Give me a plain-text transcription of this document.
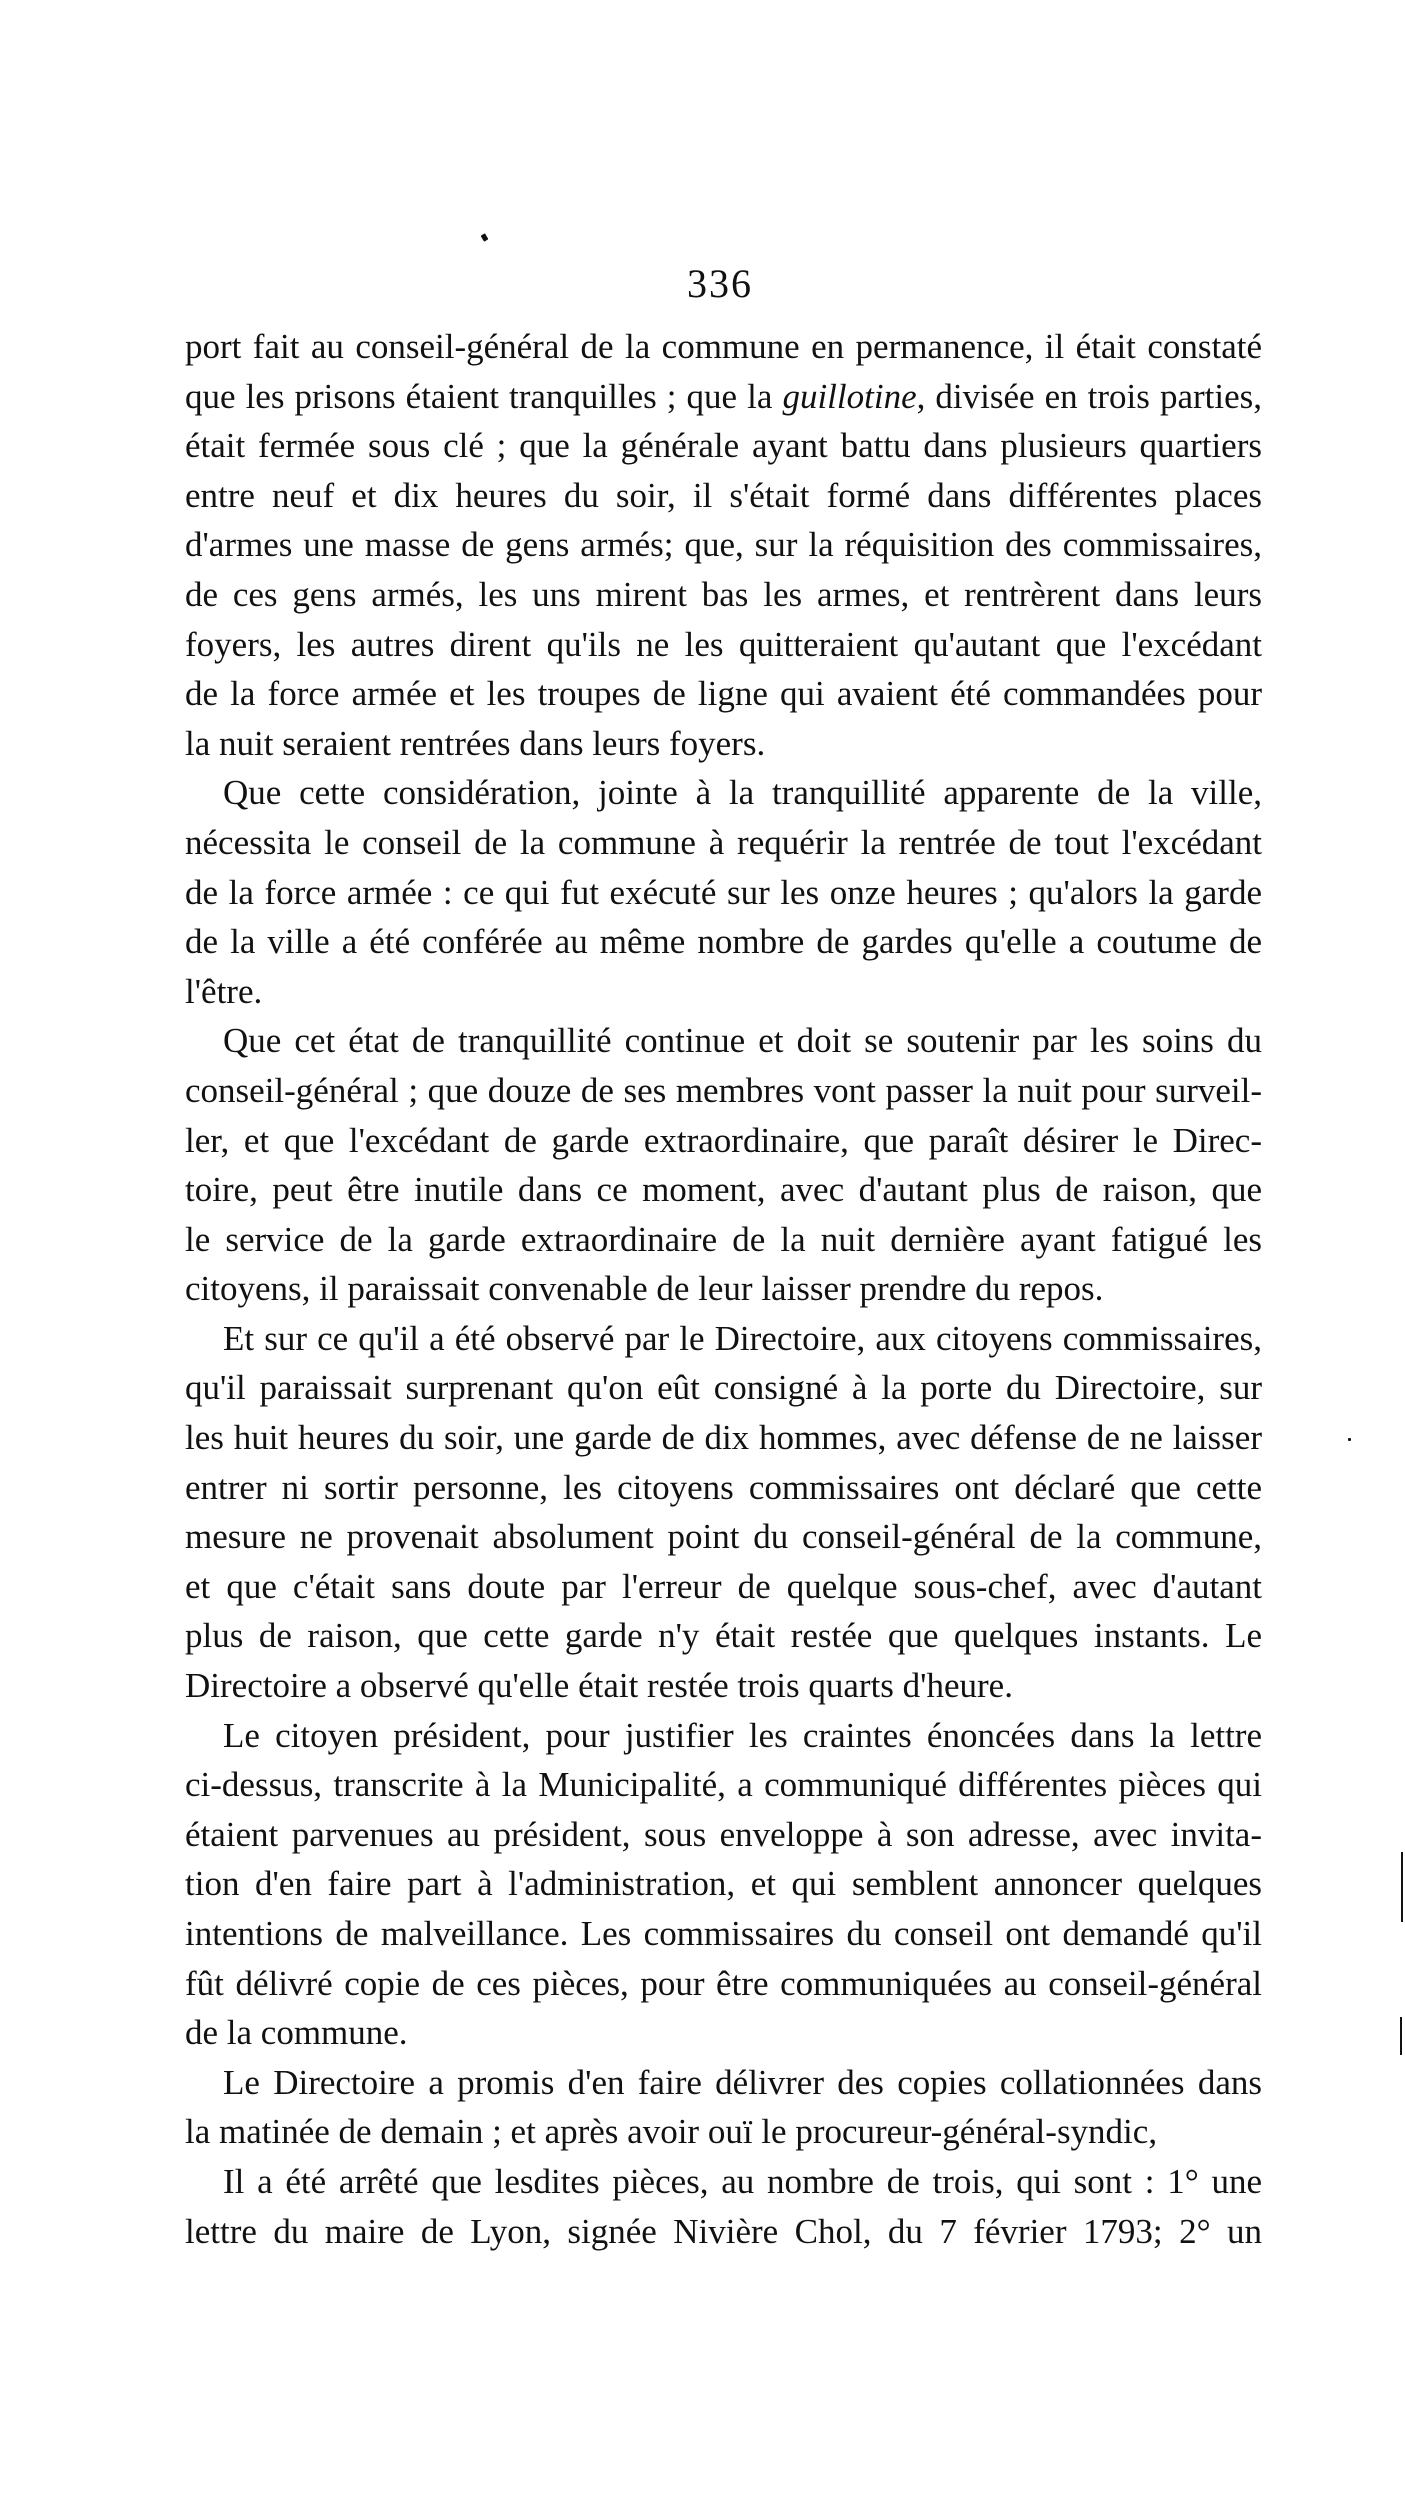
336
port fait au conseil-général de la commune en permanence, il était constaté
que les prisons étaient tranquilles ; que la guillotine, divisée en trois parties,
était fermée sous clé ; que la générale ayant battu dans plusieurs quartiers
entre neuf et dix heures du soir, il s'était formé dans différentes places
d'armes une masse de gens armés; que, sur la réquisition des commissaires,
de ces gens armés, les uns mirent bas les armes, et rentrèrent dans leurs
foyers, les autres dirent qu'ils ne les quitteraient qu'autant que l'excédant
de la force armée et les troupes de ligne qui avaient été commandées pour
la nuit seraient rentrées dans leurs foyers.
Que cette considération, jointe à la tranquillité apparente de la ville,
nécessita le conseil de la commune à requérir la rentrée de tout l'excédant
de la force armée : ce qui fut exécuté sur les onze heures ; qu'alors la garde
de la ville a été conférée au même nombre de gardes qu'elle a coutume de
l'être.
Que cet état de tranquillité continue et doit se soutenir par les soins du
conseil-général ; que douze de ses membres vont passer la nuit pour surveil-
ler, et que l'excédant de garde extraordinaire, que paraît désirer le Direc-
toire, peut être inutile dans ce moment, avec d'autant plus de raison, que
le service de la garde extraordinaire de la nuit dernière ayant fatigué les
citoyens, il paraissait convenable de leur laisser prendre du repos.
Et sur ce qu'il a été observé par le Directoire, aux citoyens commissaires,
qu'il paraissait surprenant qu'on eût consigné à la porte du Directoire, sur
les huit heures du soir, une garde de dix hommes, avec défense de ne laisser
entrer ni sortir personne, les citoyens commissaires ont déclaré que cette
mesure ne provenait absolument point du conseil-général de la commune,
et que c'était sans doute par l'erreur de quelque sous-chef, avec d'autant
plus de raison, que cette garde n'y était restée que quelques instants. Le
Directoire a observé qu'elle était restée trois quarts d'heure.
Le citoyen président, pour justifier les craintes énoncées dans la lettre
ci-dessus, transcrite à la Municipalité, a communiqué différentes pièces qui
étaient parvenues au président, sous enveloppe à son adresse, avec invita-
tion d'en faire part à l'administration, et qui semblent annoncer quelques
intentions de malveillance. Les commissaires du conseil ont demandé qu'il
fût délivré copie de ces pièces, pour être communiquées au conseil-général
de la commune.
Le Directoire a promis d'en faire délivrer des copies collationnées dans
la matinée de demain ; et après avoir ouï le procureur-général-syndic,
Il a été arrêté que lesdites pièces, au nombre de trois, qui sont : 1° une
lettre du maire de Lyon, signée Nivière Chol, du 7 février 1793; 2° un
